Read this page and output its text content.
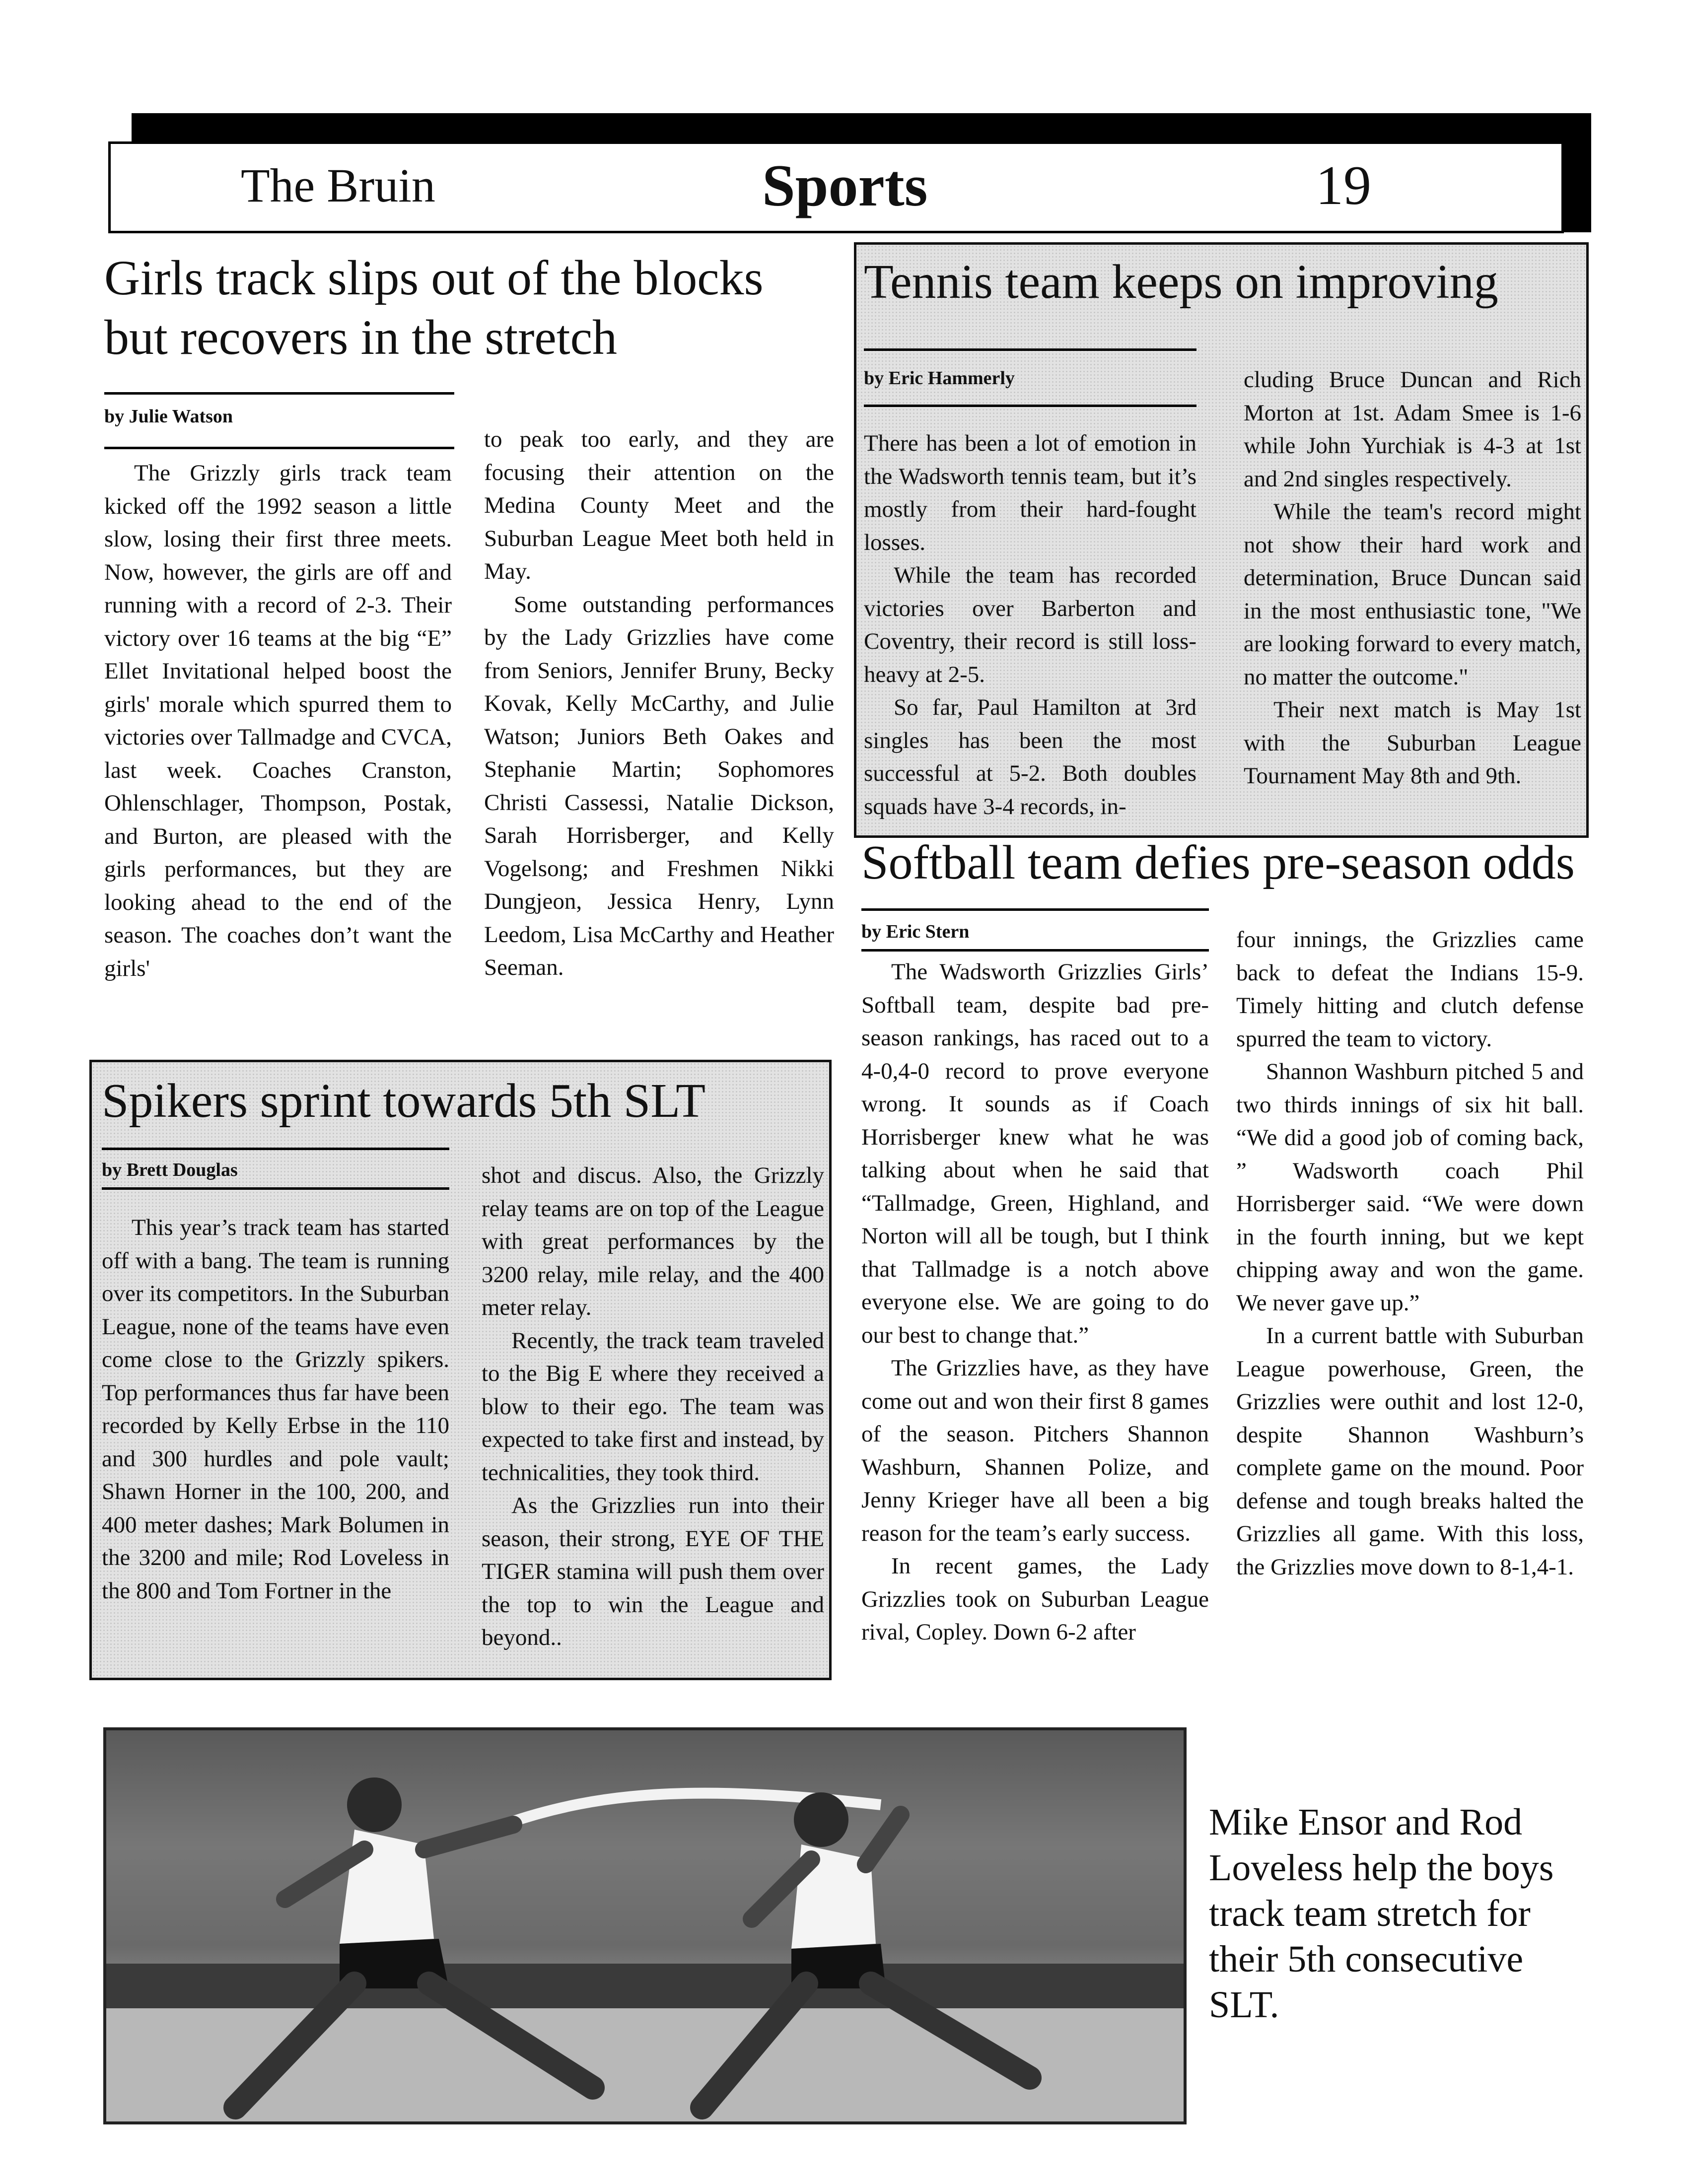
The Bruin	Sports	19
Girls track slips out of the blocks
but recovers in the stretch
by Julie Watson

The Grizzly girls track team kicked off the 1992 season a little slow, losing their first three meets. Now, however, the girls are off and running with a record of 2-3. Their victory over 16 teams at the big “E” Ellet Invitational helped boost the girls' morale which spurred them to victories over Tallmadge and CVCA, last week. Coaches Cranston, Ohlenschlager, Thompson, Postak, and Burton, are pleased with the girls performances, but they are looking ahead to the end of the season. The coaches don’t want the girls'

to peak too early, and they are focusing their attention on the Medina County Meet and the Suburban League Meet both held in May.

Some outstanding performances by the Lady Grizzlies have come from Seniors, Jennifer Bruny, Becky Kovak, Kelly McCarthy, and Julie Watson; Juniors Beth Oakes and Stephanie Martin; Sophomores Christi Cassessi, Natalie Dickson, Sarah Horrisberger, and Kelly Vogelsong; and Freshmen Nikki Dungjeon, Jessica Henry, Lynn Leedom, Lisa McCarthy and Heather Seeman.

Tennis team keeps on improving
by Eric Hammerly

There has been a lot of emotion in the Wadsworth tennis team, but it’s mostly from their hard-fought losses.

While the team has recorded victories over Barberton and Coventry, their record is still loss-heavy at 2-5.

So far, Paul Hamilton at 3rd singles has been the most successful at 5-2. Both doubles squads have 3-4 records, in-

cluding Bruce Duncan and Rich Morton at 1st. Adam Smee is 1-6 while John Yurchiak is 4-3 at 1st and 2nd singles respectively.

While the team's record might not show their hard work and determination, Bruce Duncan said in the most enthusiastic tone, "We are looking forward to every match, no matter the outcome."

Their next match is May 1st with the Suburban League Tournament May 8th and 9th.

Softball team defies pre-season odds
by Eric Stern

The Wadsworth Grizzlies Girls’ Softball team, despite bad pre-season rankings, has raced out to a 4-0,4-0 record to prove everyone wrong. It sounds as if Coach Horrisberger knew what he was talking about when he said that “Tallmadge, Green, Highland, and Norton will all be tough, but I think that Tallmadge is a notch above everyone else. We are going to do our best to change that.”

The Grizzlies have, as they have come out and won their first 8 games of the season. Pitchers Shannon Washburn, Shannen Polize, and Jenny Krieger have all been a big reason for the team’s early success.

In recent games, the Lady Grizzlies took on Suburban League rival, Copley. Down 6-2 after

four innings, the Grizzlies came back to defeat the Indians 15-9. Timely hitting and clutch defense spurred the team to victory.

Shannon Washburn pitched 5 and two thirds innings of six hit ball. “We did a good job of coming back, ” Wadsworth coach Phil Horrisberger said. “We were down in the fourth inning, but we kept chipping away and won the game. We never gave up.”

In a current battle with Suburban League powerhouse, Green, the Grizzlies were outhit and lost 12-0, despite Shannon Washburn’s complete game on the mound. Poor defense and tough breaks halted the Grizzlies all game. With this loss, the Grizzlies move down to 8-1,4-1.

Spikers sprint towards 5th SLT
by Brett Douglas

This year’s track team has started off with a bang. The team is running over its competitors. In the Suburban League, none of the teams have even come close to the Grizzly spikers. Top performances thus far have been recorded by Kelly Erbse in the 110 and 300 hurdles and pole vault; Shawn Horner in the 100, 200, and 400 meter dashes; Mark Bolumen in the 3200 and mile; Rod Loveless in the 800 and Tom Fortner in the

shot and discus. Also, the Grizzly relay teams are on top of the League with great performances by the 3200 relay, mile relay, and the 400 meter relay.

Recently, the track team traveled to the Big E where they received a blow to their ego. The team was expected to take first and instead, by technicalities, they took third.

As the Grizzlies run into their season, their strong, EYE OF THE TIGER stamina will push them over the top to win the League and beyond..

Mike Ensor and Rod Loveless help the boys track team stretch for their 5th consecutive SLT.
